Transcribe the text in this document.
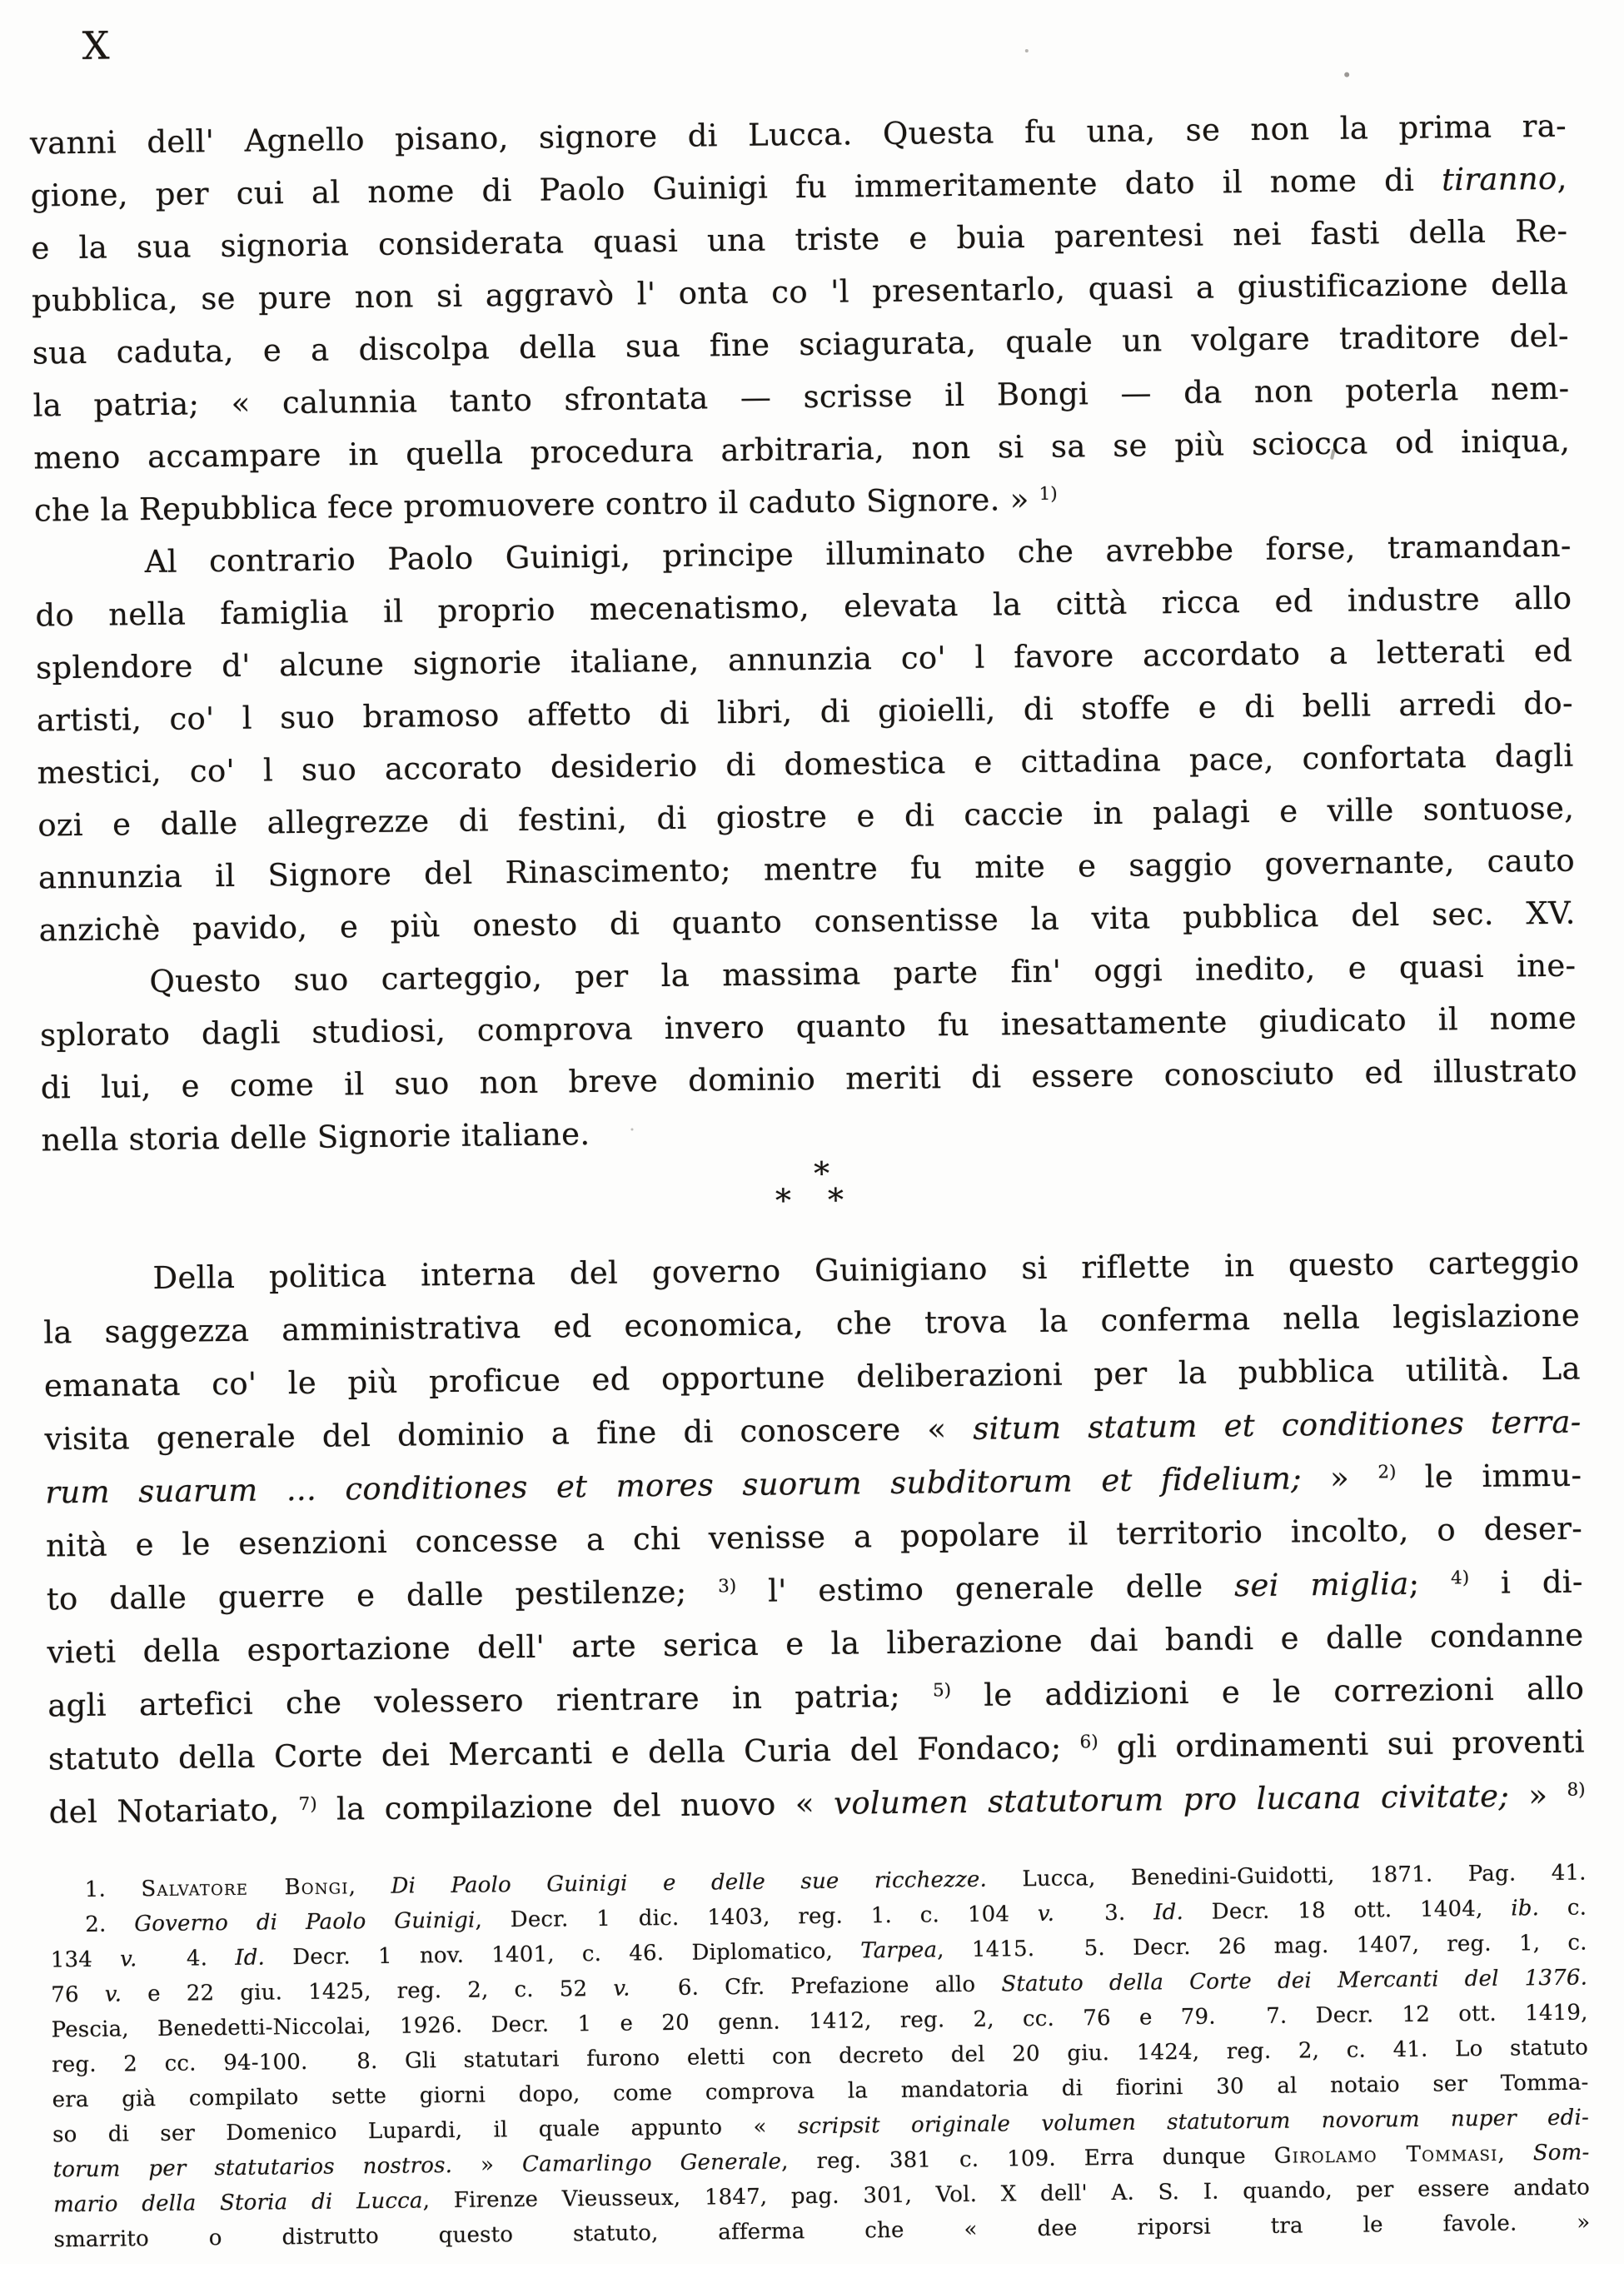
X
vanni dell' Agnello pisano, signore di Lucca. Questa fu una, se non la prima ra-
gione, per cui al nome di Paolo Guinigi fu immeritamente dato il nome di tiranno,
e la sua signoria considerata quasi una triste e buia parentesi nei fasti della Re-
pubblica, se pure non si aggravò l' onta co 'l presentarlo, quasi a giustificazione della
sua caduta, e a discolpa della sua fine sciagurata, quale un volgare traditore del-
la patria; « calunnia tanto sfrontata — scrisse il Bongi — da non poterla nem-
meno accampare in quella procedura arbitraria, non si sa se più sciocca od iniqua,
che la Repubblica fece promuovere contro il caduto Signore. » $^{1)}$
Al contrario Paolo Guinigi, principe illuminato che avrebbe forse, tramandan-
do nella famiglia il proprio mecenatismo, elevata la città ricca ed industre allo
splendore d' alcune signorie italiane, annunzia co' l favore accordato a letterati ed
artisti, co' l suo bramoso affetto di libri, di gioielli, di stoffe e di belli arredi do-
mestici, co' l suo accorato desiderio di domestica e cittadina pace, confortata dagli
ozi e dalle allegrezze di festini, di giostre e di caccie in palagi e ville sontuose,
annunzia il Signore del Rinascimento; mentre fu mite e saggio governante, cauto
anzichè pavido, e più onesto di quanto consentisse la vita pubblica del sec. XV.
Questo suo carteggio, per la massima parte fin' oggi inedito, e quasi ine-
splorato dagli studiosi, comprova invero quanto fu inesattamente giudicato il nome
di lui, e come il suo non breve dominio meriti di essere conosciuto ed illustrato
nella storia delle Signorie italiane.
*
*  *
Della politica interna del governo Guinigiano si riflette in questo carteggio
la saggezza amministrativa ed economica, che trova la conferma nella legislazione
emanata co' le più proficue ed opportune deliberazioni per la pubblica utilità. La
visita generale del dominio a fine di conoscere « situm statum et conditiones terra-
rum suarum ... conditiones et mores suorum subditorum et fidelium; » $^{2)}$ le immu-
nità e le esenzioni concesse a chi venisse a popolare il territorio incolto, o deser-
to dalle guerre e dalle pestilenze; $^{3)}$ l' estimo generale delle sei miglia; $^{4)}$ i di-
vieti della esportazione dell' arte serica e la liberazione dai bandi e dalle condanne
agli artefici che volessero rientrare in patria; $^{5)}$ le addizioni e le correzioni allo
statuto della Corte dei Mercanti e della Curia del Fondaco; $^{6)}$ gli ordinamenti sui proventi
del Notariato, $^{7)}$ la compilazione del nuovo « volumen statutorum pro lucana civitate; » $^{8)}$
1. Salvatore Bongi, Di Paolo Guinigi e delle sue ricchezze. Lucca, Benedini-Guidotti, 1871. Pag. 41.
2. Governo di Paolo Guinigi, Decr. 1 dic. 1403, reg. 1. c. 104 v.  3. Id. Decr. 18 ott. 1404, ib. c.
134 v.  4. Id. Decr. 1 nov. 1401, c. 46. Diplomatico, Tarpea, 1415.  5. Decr. 26 mag. 1407, reg. 1, c.
76 v. e 22 giu. 1425, reg. 2, c. 52 v.  6. Cfr. Prefazione allo Statuto della Corte dei Mercanti del 1376.
Pescia, Benedetti-Niccolai, 1926. Decr. 1 e 20 genn. 1412, reg. 2, cc. 76 e 79.  7. Decr. 12 ott. 1419,
reg. 2 cc. 94-100.  8. Gli statutari furono eletti con decreto del 20 giu. 1424, reg. 2, c. 41. Lo statuto
era già compilato sette giorni dopo, come comprova la mandatoria di fiorini 30 al notaio ser Tomma-
so di ser Domenico Lupardi, il quale appunto « scripsit originale volumen statutorum novorum nuper edi-
torum per statutarios nostros. » Camarlingo Generale, reg. 381 c. 109. Erra dunque Girolamo Tommasi, Som-
mario della Storia di Lucca, Firenze Vieusseux, 1847, pag. 301, Vol. X dell' A. S. I. quando, per essere andato
smarrito o distrutto questo statuto, afferma che « dee riporsi tra le favole. »
